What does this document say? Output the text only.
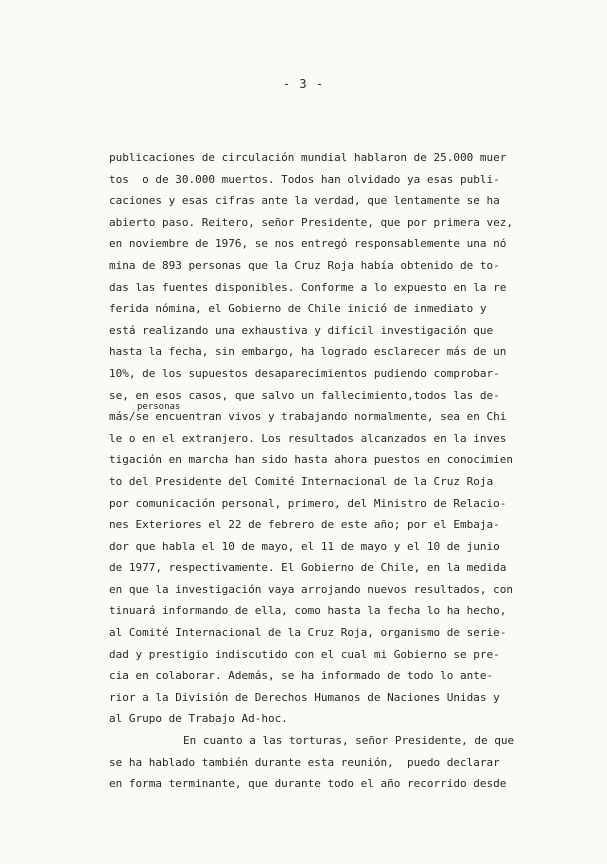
- 3 -
publicaciones de circulación mundial hablaron de 25.000 muer
tos  o de 30.000 muertos. Todos han olvidado ya esas publi-
caciones y esas cifras ante la verdad, que lentamente se ha
abierto paso. Reitero, señor Presidente, que por primera vez,
en noviembre de 1976, se nos entregó responsablemente una nó
mina de 893 personas que la Cruz Roja había obtenido de to-
das las fuentes disponibles. Conforme a lo expuesto en la re
ferida nómina, el Gobierno de Chile inició de inmediato y
está realizando una exhaustiva y difícil investigación que
hasta la fecha, sin embargo, ha logrado esclarecer más de un
10%, de los supuestos desaparecimientos pudiendo comprobar-
se, en esos casos, que salvo un fallecimiento,todos las de-
personas
más/se encuentran vivos y trabajando normalmente, sea en Chi
le o en el extranjero. Los resultados alcanzados en la inves
tigación en marcha han sido hasta ahora puestos en conocimien
to del Presidente del Comité Internacional de la Cruz Roja
por comunicación personal, primero, del Ministro de Relacio-
nes Exteriores el 22 de febrero de este año; por el Embaja-
dor que habla el 10 de mayo, el 11 de mayo y el 10 de junio
de 1977, respectivamente. El Gobierno de Chile, en la medida
en que la investigación vaya arrojando nuevos resultados, con
tinuará informando de ella, como hasta la fecha lo ha hecho,
al Comité Internacional de la Cruz Roja, organismo de serie-
dad y prestigio indiscutido con el cual mi Gobierno se pre-
cia en colaborar. Además, se ha informado de todo lo ante-
rior a la División de Derechos Humanos de Naciones Unidas y
al Grupo de Trabajo Ad-hoc.
En cuanto a las torturas, señor Presidente, de que
se ha hablado también durante esta reunión,  puedo declarar
en forma terminante, que durante todo el año recorrido desde
